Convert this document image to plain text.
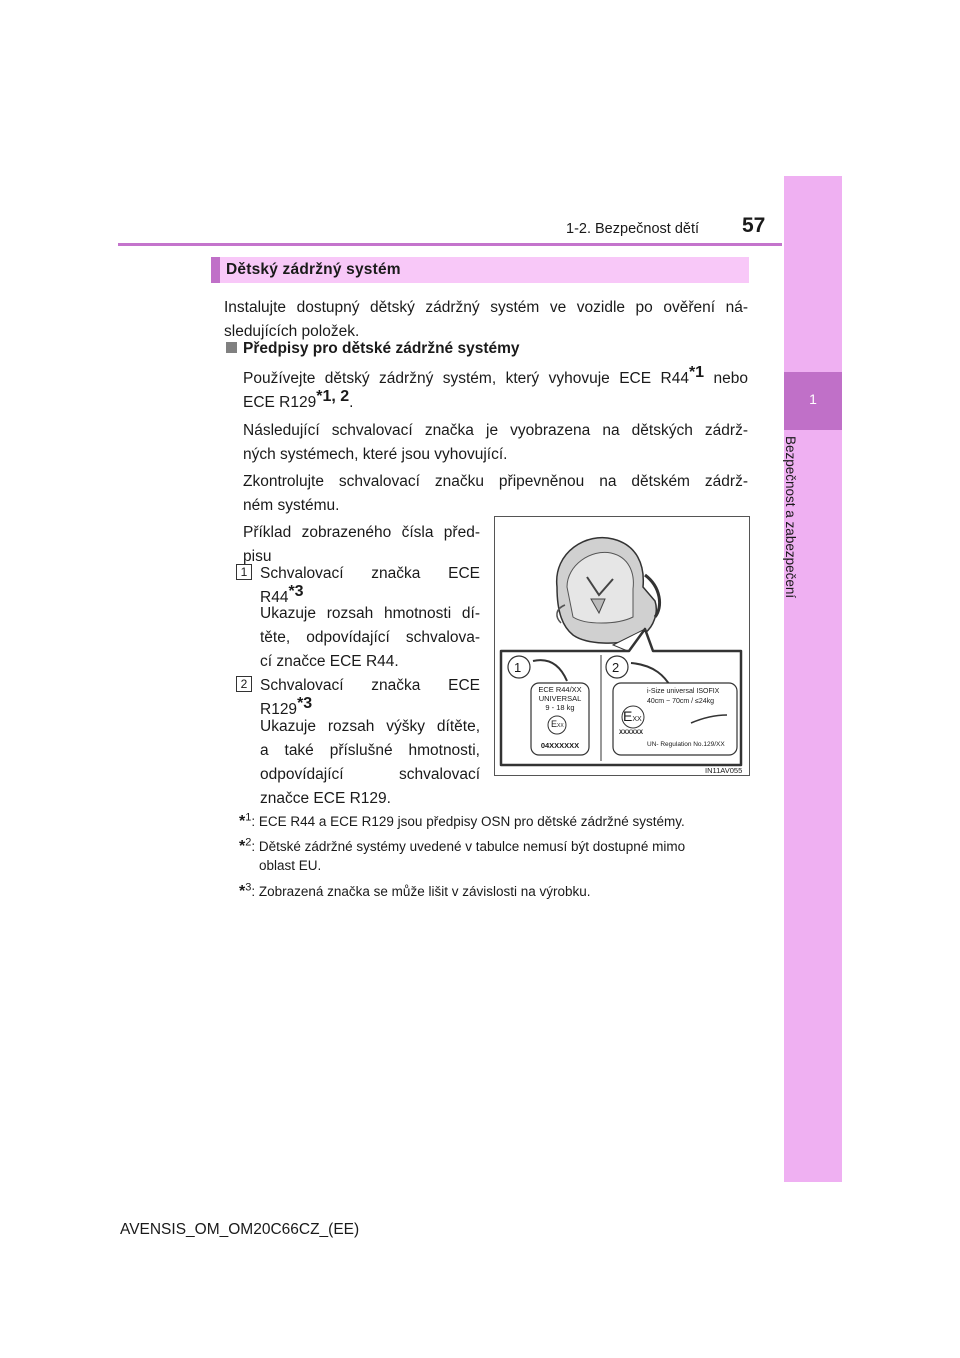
1-2. Bezpečnost dětí 57
1
Bezpečnost a zabezpečení
Dětský zádržný systém
Instalujte dostupný dětský zádržný systém ve vozidle po ověření ná-
sledujících položek.
Předpisy pro dětské zádržné systémy
Používejte dětský zádržný systém, který vyhovuje ECE R44*1 nebo
ECE R129*1, 2.
Následující schvalovací značka je vyobrazena na dětských zádrž-
ných systémech, které jsou vyhovující.
Zkontrolujte schvalovací značku připevněnou na dětském zádrž-
ném systému.
Příklad zobrazeného čísla před-
pisu
1 Schvalovací značka ECE
R44*3
Ukazuje rozsah hmotnosti dí-
těte, odpovídající schvalova-
cí značce ECE R44.
2 Schvalovací značka ECE
R129*3
Ukazuje rozsah výšky dítěte,
a také příslušné hmotnosti,
odpovídající schvalovací
značce ECE R129.
1	2
ECE R44/XX
UNIVERSAL
9 - 18 kg
EXX
04XXXXXX
i-Size universal ISOFIX
40cm − 70cm / ≤24kg
EXX
XXXXXX
UN- Regulation No.129/XX
IN11AV055
*$^1$: ECE R44 a ECE R129 jsou předpisy OSN pro dětské zádržné systémy.
*$^2$: Dětské zádržné systémy uvedené v tabulce nemusí být dostupné mimo
oblast EU.
*$^3$: Zobrazená značka se může lišit v závislosti na výrobku.
AVENSIS_OM_OM20C66CZ_(EE)
